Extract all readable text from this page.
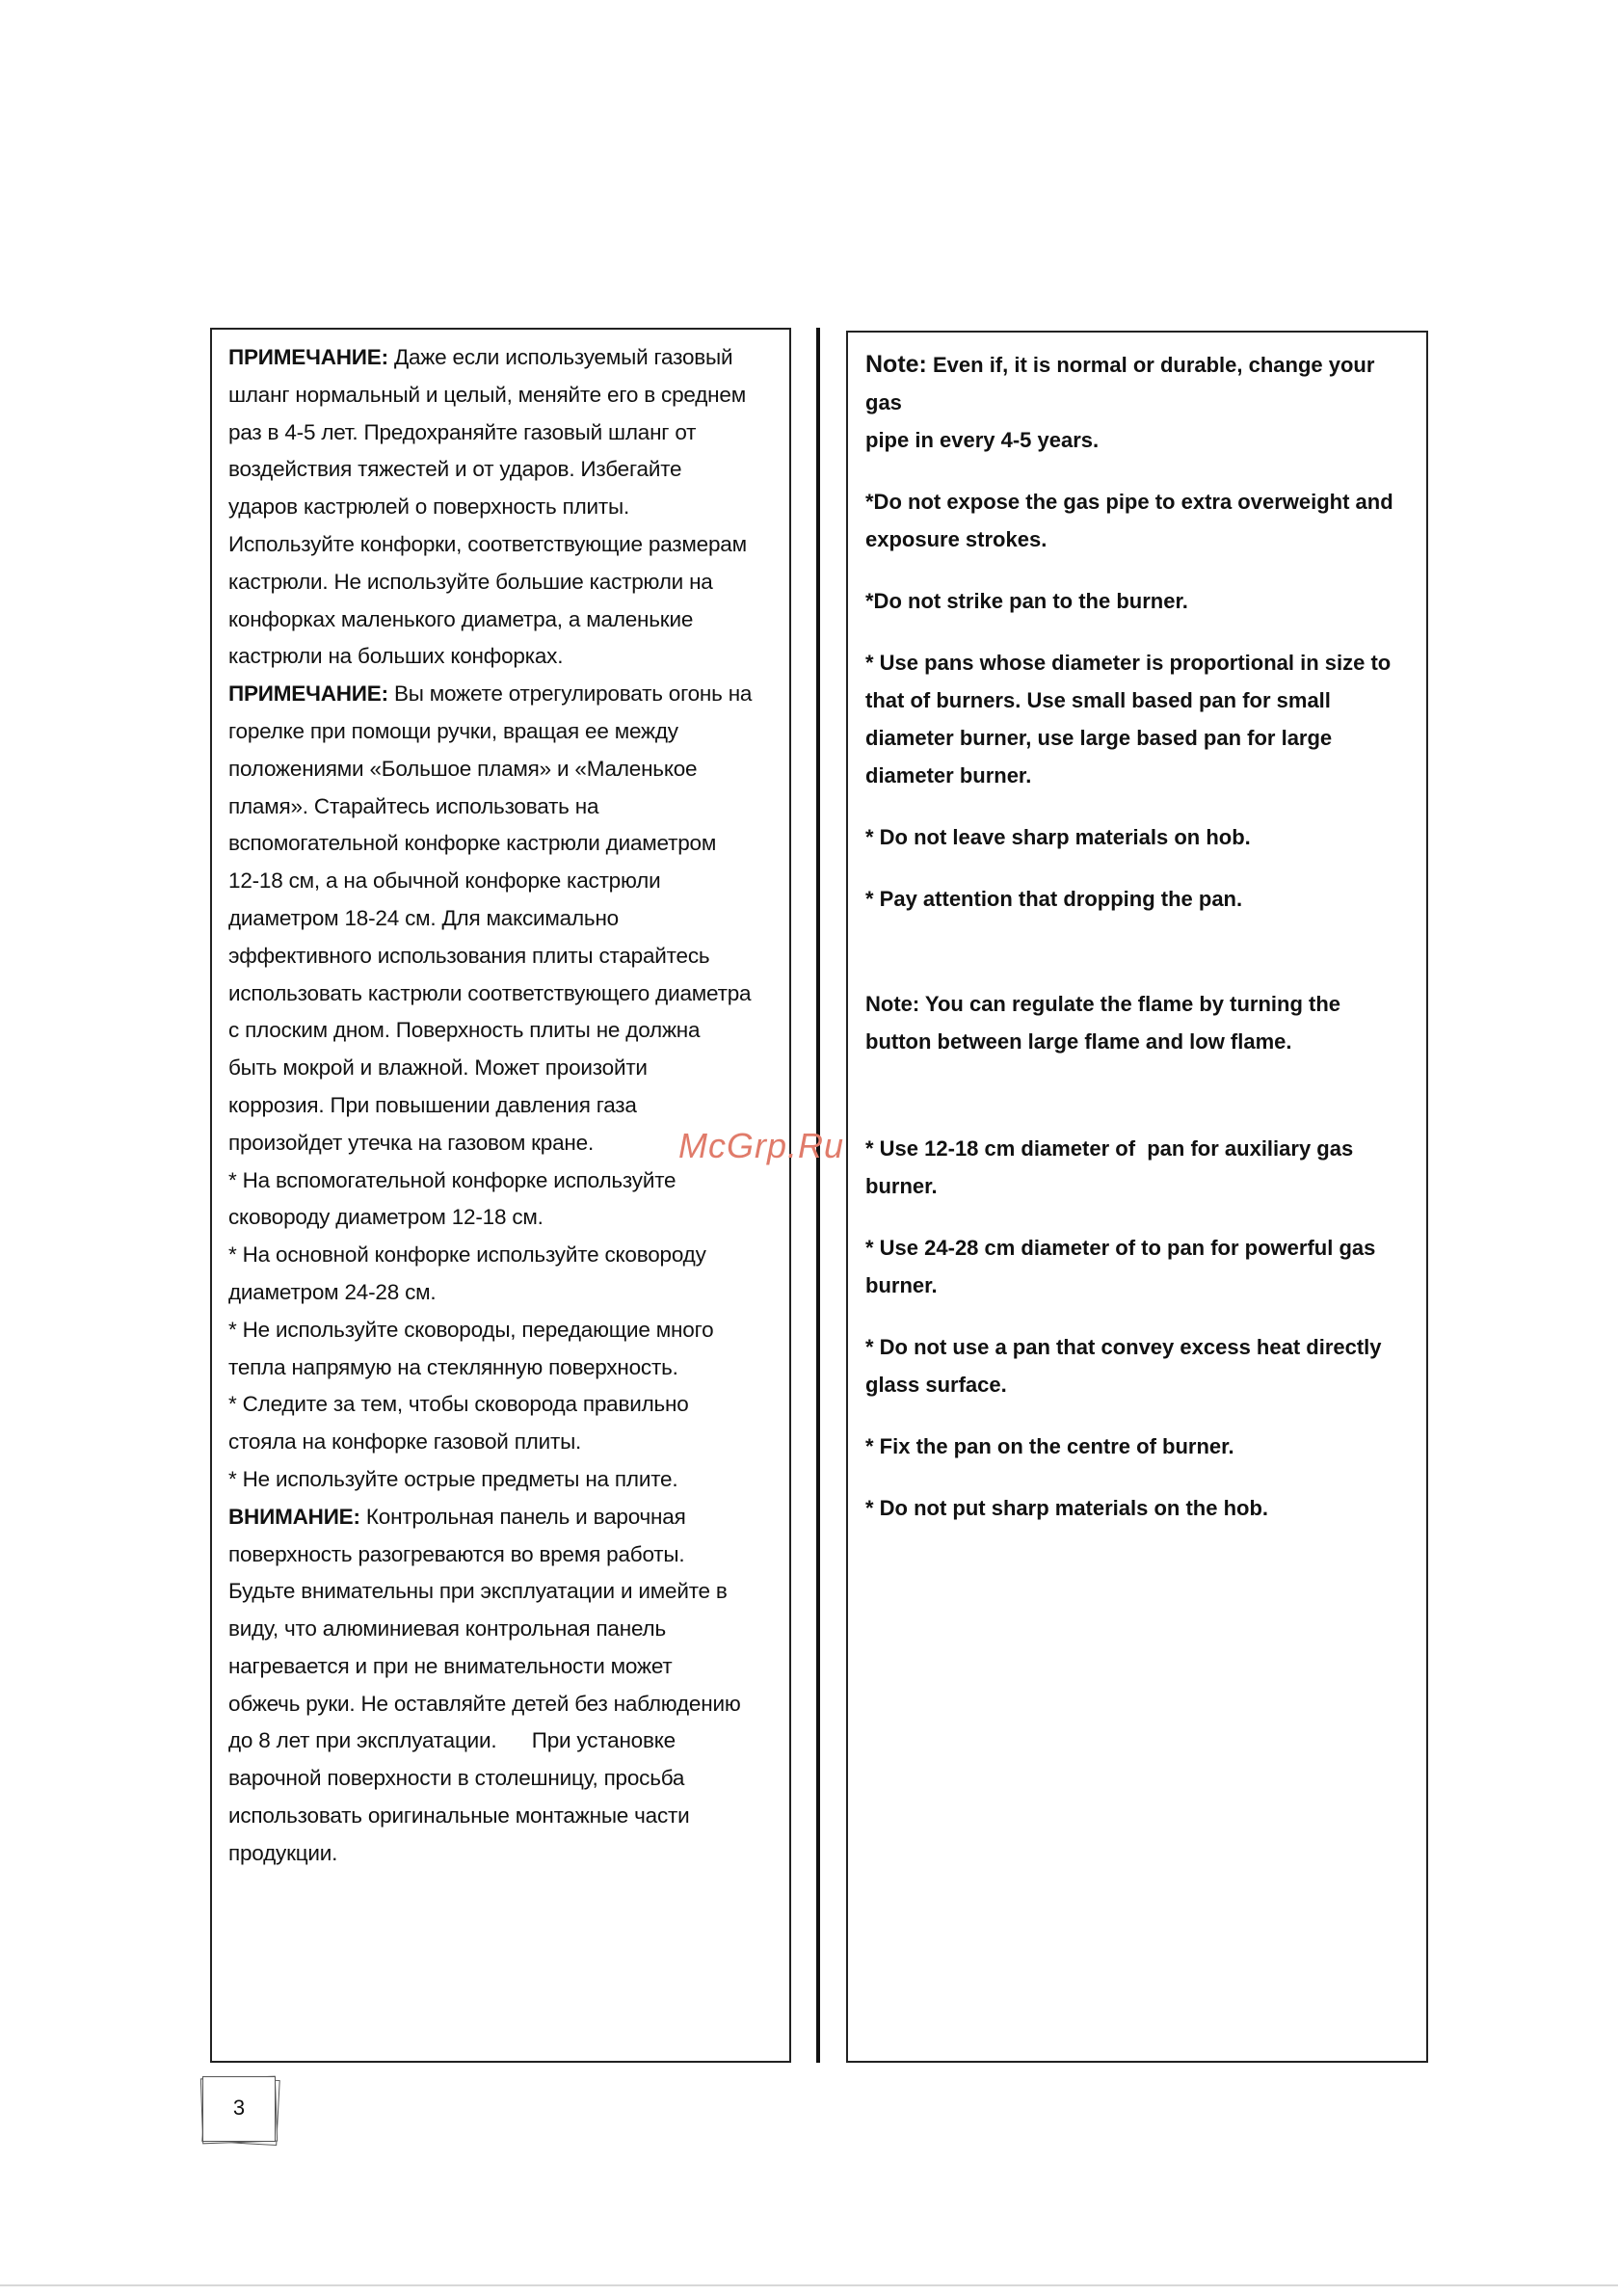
ПРИМЕЧАНИЕ: Даже если используемый газовый
шланг нормальный и целый, меняйте его в среднем
раз в 4-5 лет. Предохраняйте газовый шланг от
воздействия тяжестей и от ударов. Избегайте
ударов кастрюлей о поверхность плиты.
Используйте конфорки, соответствующие размерам
кастрюли. Не используйте большие кастрюли на
конфорках маленького диаметра, а маленькие
кастрюли на больших конфорках.
ПРИМЕЧАНИЕ: Вы можете отрегулировать огонь на
горелке при помощи ручки, вращая ее между
положениями «Большое пламя» и «Маленькое
пламя». Старайтесь использовать на
вспомогательной конфорке кастрюли диаметром
12-18 см, а на обычной конфорке кастрюли
диаметром 18-24 см. Для максимально
эффективного использования плиты старайтесь
использовать кастрюли соответствующего диаметра
с плоским дном. Поверхность плиты не должна
быть мокрой и влажной. Может произойти
коррозия. При повышении давления газа
произойдет утечка на газовом кране.
* На вспомогательной конфорке используйте
сковороду диаметром 12-18 см.
* На основной конфорке используйте сковороду
диаметром 24-28 см.
* Не используйте сковороды, передающие много
тепла напрямую на стеклянную поверхность.
* Следите за тем, чтобы сковорода правильно
стояла на конфорке газовой плиты.
* Не используйте острые предметы на плите.
ВНИМАНИЕ: Контрольная панель и варочная
поверхность разогреваются во время работы.
Будьте внимательны при эксплуатации и имейте в
виду, что алюминиевая контрольная панель
нагревается и при не внимательности может
обжечь руки. Не оставляйте детей без наблюдению
до 8 лет при эксплуатации.      При установке
варочной поверхности в столешницу, просьба
использовать оригинальные монтажные части
продукции.
Note: Even if, it is normal or durable, change your gas
pipe in every 4-5 years.
*Do not expose the gas pipe to extra overweight and
exposure strokes.
*Do not strike pan to the burner.
* Use pans whose diameter is proportional in size to
that of burners. Use small based pan for small
diameter burner, use large based pan for large
diameter burner.
* Do not leave sharp materials on hob.
* Pay attention that dropping the pan.
Note: You can regulate the flame by turning the
button between large flame and low flame.
* Use 12-18 cm diameter of  pan for auxiliary gas
burner.
* Use 24-28 cm diameter of to pan for powerful gas
burner.
* Do not use a pan that convey excess heat directly
glass surface.
* Fix the pan on the centre of burner.
* Do not put sharp materials on the hob.
McGrp.Ru
3
